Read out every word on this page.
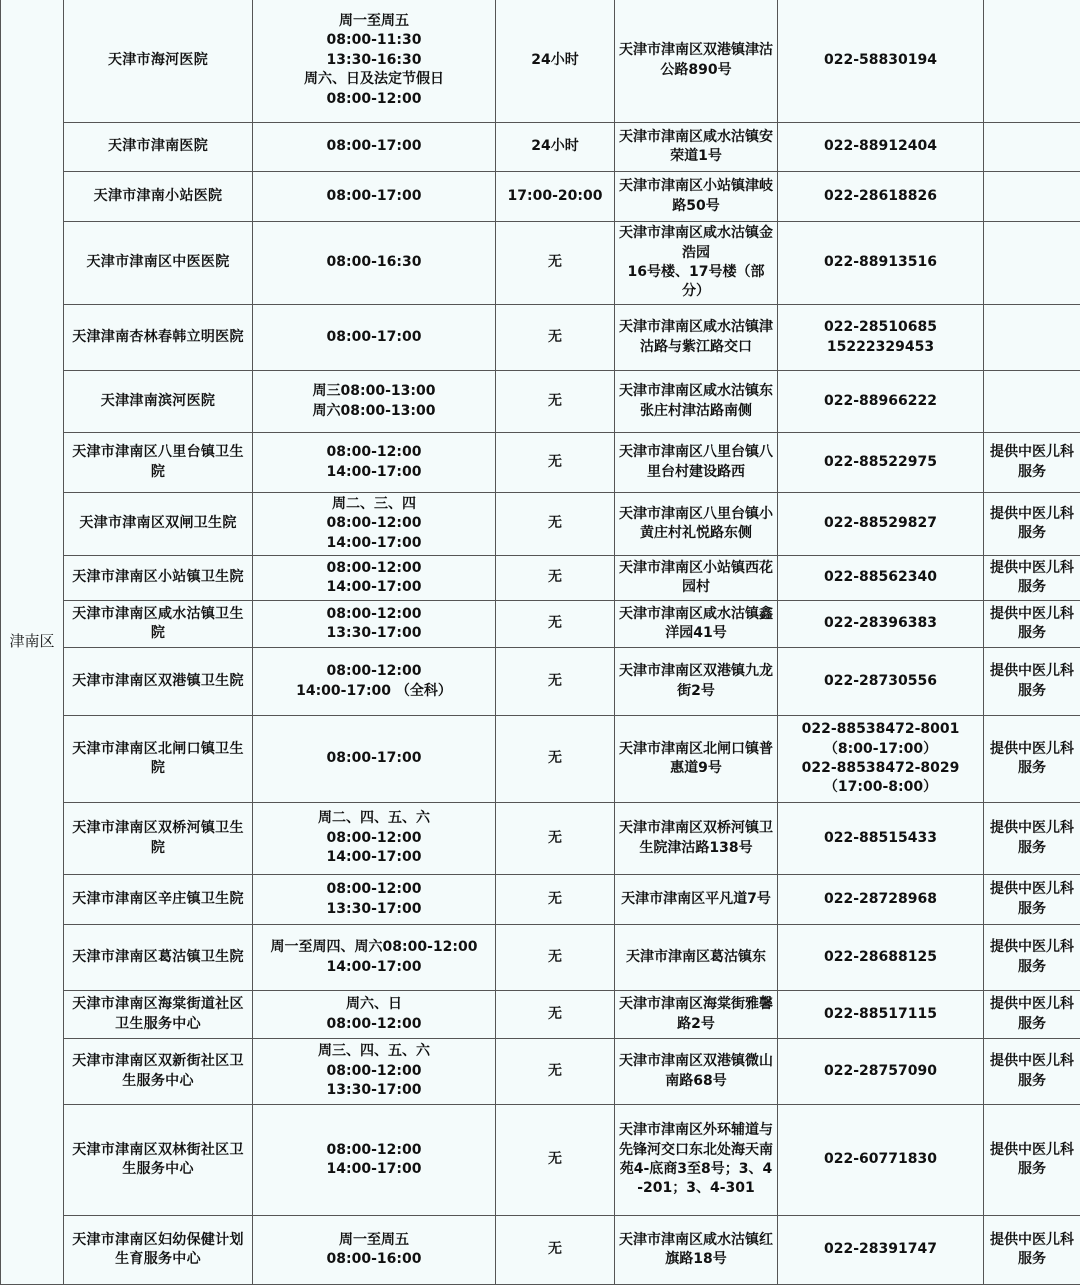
津南区	天津市海河医院	周一至周五
08:00-11:30
13:30-16:30
周六、日及法定节假日
08:00-12:00	24小时	天津市津南区双港镇津沽公路890号	022-58830194	
	天津市津南医院	08:00-17:00	24小时	天津市津南区咸水沽镇安荣道1号	022-88912404	
	天津市津南小站医院	08:00-17:00	17:00-20:00	天津市津南区小站镇津岐路50号	022-28618826	
	天津市津南区中医医院	08:00-16:30	无	天津市津南区咸水沽镇金浩园
16号楼、17号楼（部分）	022-88913516	
	天津津南杏林春韩立明医院	08:00-17:00	无	天津市津南区咸水沽镇津沽路与紫江路交口	022-28510685
15222329453	
	天津津南滨河医院	周三08:00-13:00
周六08:00-13:00	无	天津市津南区咸水沽镇东张庄村津沽路南侧	022-88966222	
	天津市津南区八里台镇卫生院	08:00-12:00
14:00-17:00	无	天津市津南区八里台镇八里台村建设路西	022-88522975	提供中医儿科服务
	天津市津南区双闸卫生院	周二、三、四
08:00-12:00
14:00-17:00	无	天津市津南区八里台镇小黄庄村礼悦路东侧	022-88529827	提供中医儿科服务
	天津市津南区小站镇卫生院	08:00-12:00
14:00-17:00	无	天津市津南区小站镇西花园村	022-88562340	提供中医儿科服务
	天津市津南区咸水沽镇卫生院	08:00-12:00
13:30-17:00	无	天津市津南区咸水沽镇鑫洋园41号	022-28396383	提供中医儿科服务
	天津市津南区双港镇卫生院	08:00-12:00
14:00-17:00 （全科）	无	天津市津南区双港镇九龙街2号	022-28730556	提供中医儿科服务
	天津市津南区北闸口镇卫生院	08:00-17:00	无	天津市津南区北闸口镇普惠道9号	022-88538472-8001
（8:00-17:00）
022-88538472-8029
（17:00-8:00）	提供中医儿科服务
	天津市津南区双桥河镇卫生院	周二、四、五、六
08:00-12:00
14:00-17:00	无	天津市津南区双桥河镇卫生院津沽路138号	022-88515433	提供中医儿科服务
	天津市津南区辛庄镇卫生院	08:00-12:00
13:30-17:00	无	天津市津南区平凡道7号	022-28728968	提供中医儿科服务
	天津市津南区葛沽镇卫生院	周一至周四、周六08:00-12:00
14:00-17:00	无	天津市津南区葛沽镇东	022-28688125	提供中医儿科服务
	天津市津南区海棠街道社区卫生服务中心	周六、日
08:00-12:00	无	天津市津南区海棠街雅馨路2号	022-88517115	提供中医儿科服务
	天津市津南区双新街社区卫生服务中心	周三、四、五、六
08:00-12:00
13:30-17:00	无	天津市津南区双港镇微山南路68号	022-28757090	提供中医儿科服务
	天津市津南区双林街社区卫生服务中心	08:00-12:00
14:00-17:00	无	天津市津南区外环辅道与先锋河交口东北处海天南苑4-底商3至8号；3、4-201；3、4-301	022-60771830	提供中医儿科服务
	天津市津南区妇幼保健计划生育服务中心	周一至周五
08:00-16:00	无	天津市津南区咸水沽镇红旗路18号	022-28391747	提供中医儿科服务
